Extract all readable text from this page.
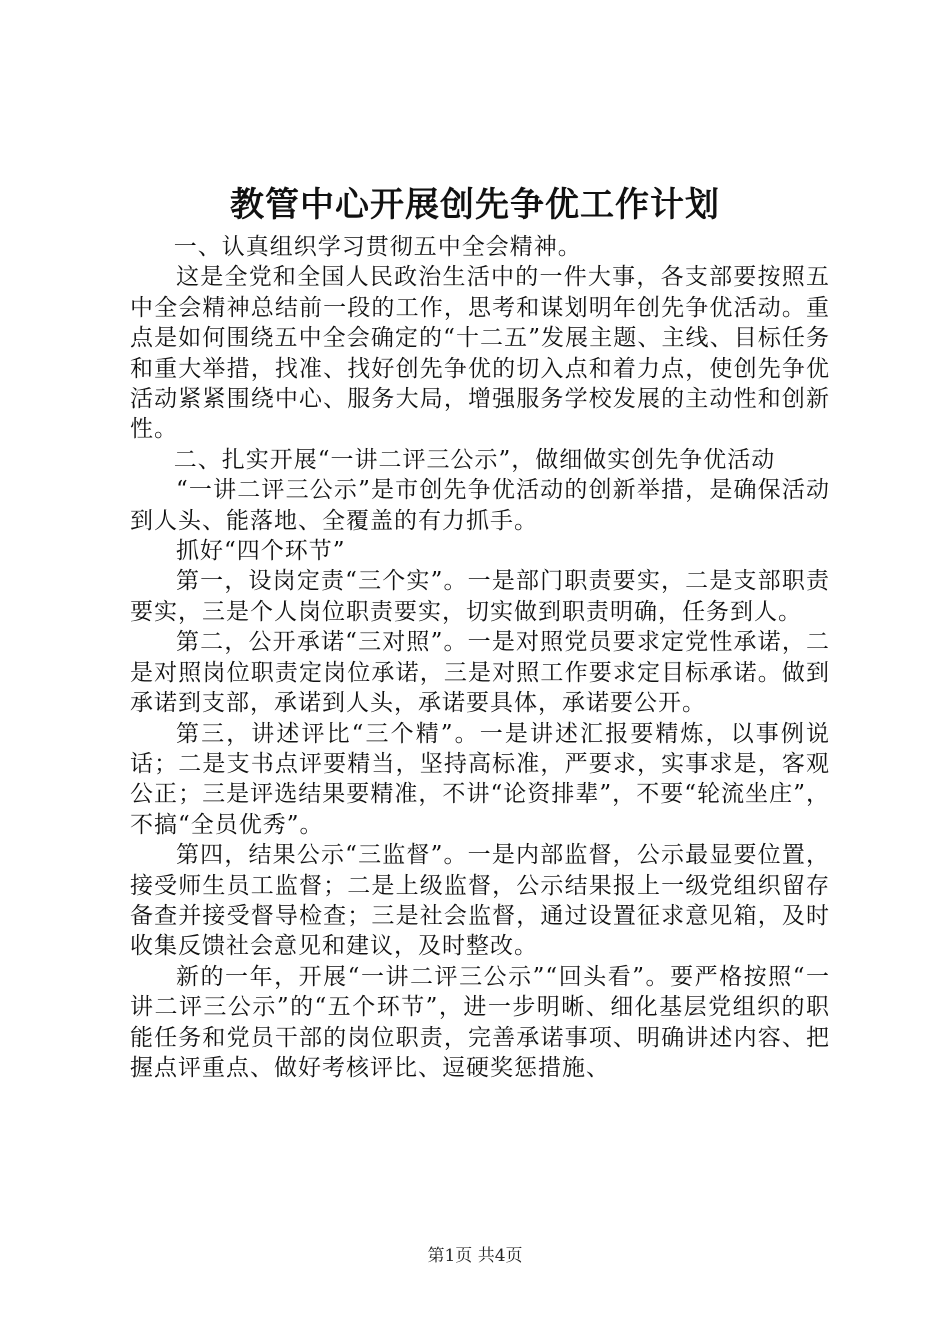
教管中心开展创先争优工作计划

一、认真组织学习贯彻五中全会精神。

这是全党和全国人民政治生活中的一件大事，各支部要按照五中全会精神总结前一段的工作，思考和谋划明年创先争优活动。重点是如何围绕五中全会确定的“十二五”发展主题、主线、目标任务和重大举措，找准、找好创先争优的切入点和着力点，使创先争优活动紧紧围绕中心、服务大局，增强服务学校发展的主动性和创新性。

二、扎实开展“一讲二评三公示”，做细做实创先争优活动

“一讲二评三公示”是市创先争优活动的创新举措，是确保活动到人头、能落地、全覆盖的有力抓手。

抓好“四个环节”

第一，设岗定责“三个实”。一是部门职责要实，二是支部职责要实，三是个人岗位职责要实，切实做到职责明确，任务到人。

第二，公开承诺“三对照”。一是对照党员要求定党性承诺，二是对照岗位职责定岗位承诺，三是对照工作要求定目标承诺。做到承诺到支部，承诺到人头，承诺要具体，承诺要公开。

第三，讲述评比“三个精”。一是讲述汇报要精炼，以事例说话；二是支书点评要精当，坚持高标准，严要求，实事求是，客观公正；三是评选结果要精准，不讲“论资排辈”，不要“轮流坐庄”，不搞“全员优秀”。

第四，结果公示“三监督”。一是内部监督，公示最显要位置，接受师生员工监督；二是上级监督，公示结果报上一级党组织留存备查并接受督导检查；三是社会监督，通过设置征求意见箱，及时收集反馈社会意见和建议，及时整改。

新的一年，开展“一讲二评三公示”“回头看”。要严格按照“一讲二评三公示”的“五个环节”，进一步明晰、细化基层党组织的职能任务和党员干部的岗位职责，完善承诺事项、明确讲述内容、把握点评重点、做好考核评比、逗硬奖惩措施、

第1页 共4页
